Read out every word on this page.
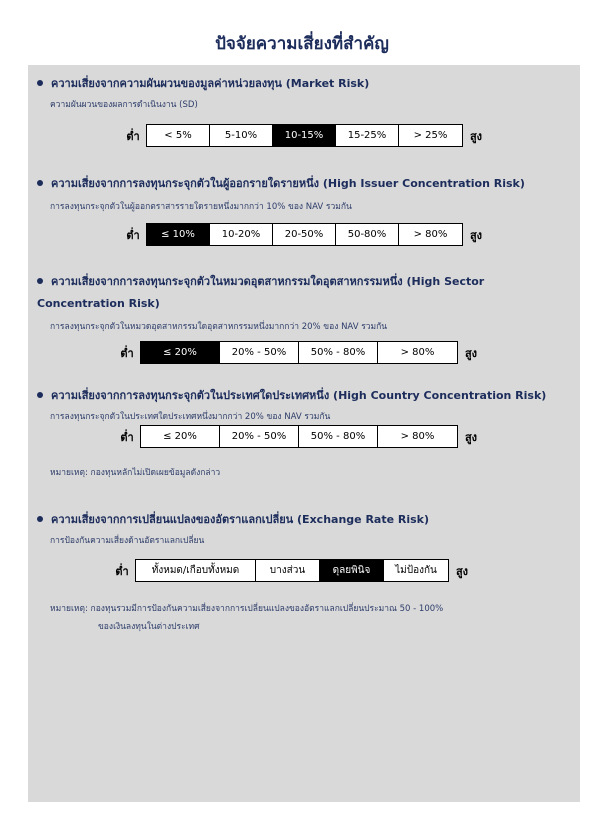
ปัจจัยความเสี่ยงที่สำคัญ
ความเสี่ยงจากความผันผวนของมูลค่าหน่วยลงทุน (Market Risk)
ความผันผวนของผลการดำเนินงาน (SD)
ต่ำ	< 5%	5-10%	10-15%	15-25%	> 25%	สูง
ความเสี่ยงจากการลงทุนกระจุกตัวในผู้ออกรายใดรายหนึ่ง (High Issuer Concentration Risk)
การลงทุนกระจุกตัวในผู้ออกตราสารรายใดรายหนึ่งมากกว่า 10% ของ NAV รวมกัน
ต่ำ	≤ 10%	10-20%	20-50%	50-80%	> 80%	สูง
ความเสี่ยงจากการลงทุนกระจุกตัวในหมวดอุตสาหกรรมใดอุตสาหกรรมหนึ่ง (High Sector Concentration Risk)
การลงทุนกระจุกตัวในหมวดอุตสาหกรรมใดอุตสาหกรรมหนึ่งมากกว่า 20% ของ NAV รวมกัน
ต่ำ	≤ 20%	20% - 50%	50% - 80%	> 80%	สูง
ความเสี่ยงจากการลงทุนกระจุกตัวในประเทศใดประเทศหนึ่ง (High Country Concentration Risk)
การลงทุนกระจุกตัวในประเทศใดประเทศหนึ่งมากกว่า 20% ของ NAV รวมกัน
ต่ำ	≤ 20%	20% - 50%	50% - 80%	> 80%	สูง
หมายเหตุ: กองทุนหลักไม่เปิดเผยข้อมูลดังกล่าว
ความเสี่ยงจากการเปลี่ยนแปลงของอัตราแลกเปลี่ยน (Exchange Rate Risk)
การป้องกันความเสี่ยงด้านอัตราแลกเปลี่ยน
ต่ำ	ทั้งหมด/เกือบทั้งหมด	บางส่วน	ดุลยพินิจ	ไม่ป้องกัน	สูง
หมายเหตุ: กองทุนรวมมีการป้องกันความเสี่ยงจากการเปลี่ยนแปลงของอัตราแลกเปลี่ยนประมาณ 50 - 100%
ของเงินลงทุนในต่างประเทศ
